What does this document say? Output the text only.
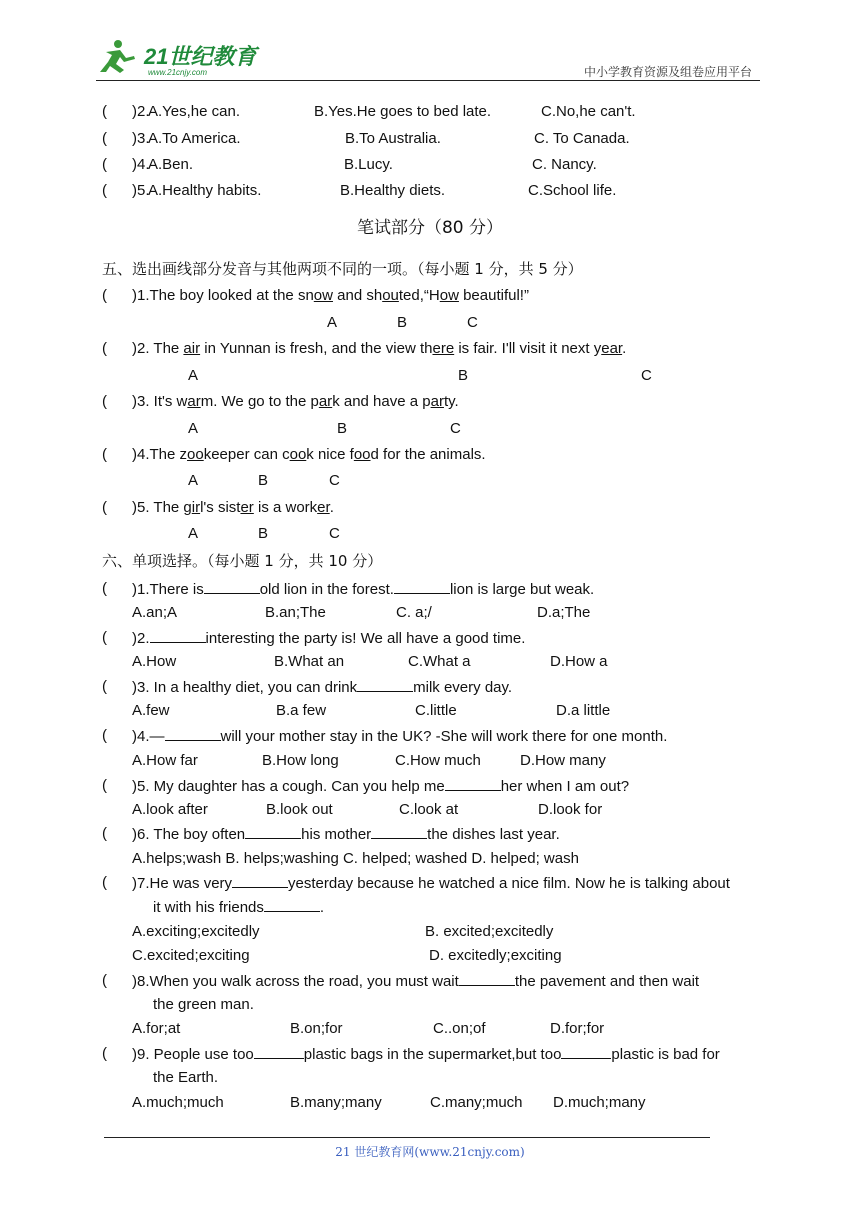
21世纪教育
www.21cnjy.com	中小学教育资源及组卷应用平台
( )2.
A.Yes,he can.	B.Yes.He goes to bed late.	C.No,he can't.
( )3.
A.To America.	B.To Australia.	C. To Canada.
( )4.
A.Ben.	B.Lucy.	C. Nancy.
( )5.
A.Healthy habits.	B.Healthy diets.	C.School life.
笔试部分（80 分）
五、选出画线部分发音与其他两项不同的一项。（每小题 1 分，共 5 分）
( )1.The boy looked at the snow and shouted,“How beautiful!”
A	B	C
( )2. The air in Yunnan is fresh, and the view there is fair. I'll visit it next year.
A	B	C
( )3. It's warm. We go to the park and have a party.
A	B	C
( )4.The zookeeper can cook nice food for the animals.
A	B	C
( )5. The girl's sister is a worker.
A	B	C
六、单项选择。（每小题 1 分，共 10 分）
( )1.There is	old lion in the forest.	lion is large but weak.
A.an;A	B.an;The	C. a;/	D.a;The
( )2.	interesting the party is! We all have a good time.
A.How	B.What an	C.What a	D.How a
( )3. In a healthy diet, you can drink	milk every day.
A.few	B.a few	C.little	D.a little
( )4.—	will your mother stay in the UK? -She will work there for one month.
A.How far	B.How long	C.How much	D.How many
( )5. My daughter has a cough. Can you help me	her when I am out?
A.look after	B.look out	C.look at	D.look for
( )6. The boy often	his mother	the dishes last year.
A.helps;wash B. helps;washing C. helped; washed D. helped; wash
( )7.He was very	yesterday because he watched a nice film. Now he is talking about
it with his friends	.
A.exciting;excitedly	B. excited;excitedly
C.excited;exciting	D. excitedly;exciting
( )8.When you walk across the road, you must wait	the pavement and then wait
the green man.
A.for;at	B.on;for	C..on;of	D.for;for
( )9. People use too	plastic bags in the supermarket,but too	plastic is bad for
the Earth.
A.much;much	B.many;many	C.many;much D.much;many
21 世纪教育网(www.21cnjy.com)
